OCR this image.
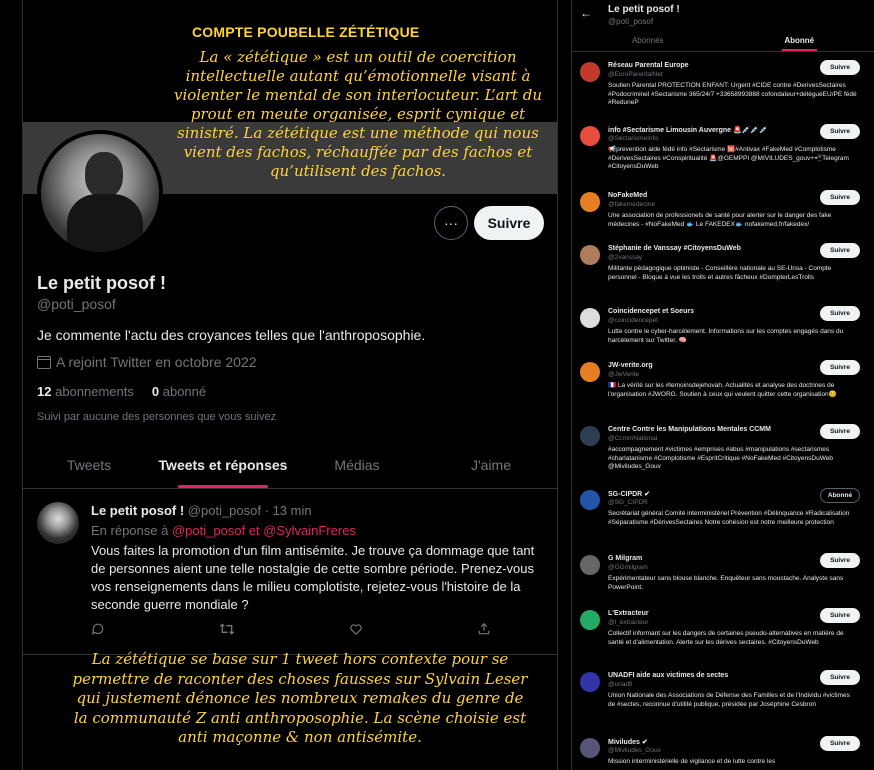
COMPTE POUBELLE ZÉTÉTIQUE
La « zététique » est un outil de coercition intellectuelle autant qu’émotionnelle visant à violenter le mental de son interlocuteur. L’art du prout en meute organisée, esprit cynique et sinistré. La zététique est une méthode qui nous vient des fachos, réchauffée par des fachos et qu’utilisent des fachos.
···	Suivre
Le petit posof !
@poti_posof
Je commente l'actu des croyances telles que l'anthroposophie.
A rejoint Twitter en octobre 2022
12 abonnements 0 abonné
Suivi par aucune des personnes que vous suivez
Tweets	Tweets et réponses	Médias	J'aime
Le petit posof ! @poti_posof · 13 min
En réponse à @poti_posof et @SylvainFreres
Vous faites la promotion d'un film antisémite. Je trouve ça dommage que tant de personnes aient une telle nostalgie de cette sombre période. Prenez-vous vos renseignements dans le milieu complotiste, rejetez-vous l'histoire de la seconde guerre mondiale ?
La zététique se base sur 1 tweet hors contexte pour se permettre de raconter des choses fausses sur Sylvain Leser qui justement dénonce les nombreux remakes du genre de la communauté Z anti anthroposophie. La scène choisie est anti maçonne & non antisémite.
← Le petit posof !
@poti_posof
Abonnés	Abonné
Réseau Parental Europe
@EuroParentalNet
Soutien Parental PROTECTION ENFANT: Urgent #CIDE contre #DerivesSectaires #Podocriminel #Sectarisme 365/24/7 +33658993888 cofondateur+déléguéEU/PE fédé #ReduneP
Suivre
info #Sectarisme Limousin Auvergne 🚨💉💉💉
@SectarismeInfo
📢prevention aide fédé info #Sectarisme 🆘#Antivax #FakeMed #Complotisme #DerivesSectaires #Conspiritualité 🚨@GEMPPI @MIVILUDES_gouv+📲Telegram #CitoyensDuWeb
Suivre
NoFakeMed
@fakemedecine
Une association de professionels de santé pour alerter sur le danger des fake médecines - #NoFakeMed 🐟 Le FAKEDEX🐟 nofakemed.fr/fakedex/
Suivre
Stéphanie de Vanssay #CitoyensDuWeb
@2vanssay
Militante pédagogique optimiste - Conseillère nationale au SE-Unsa - Compte personnel - Bloque à vue les trolls et autres fâcheux #DompterLesTrolls
Suivre
Coincidencepet et Soeurs
@coincidencepet
Lutte contre le cyber-harcèlement. Informations sur les comptes engagés dans du harcèlement sur Twitter. 🧠
Suivre
JW-verite.org
@JwVerite
🇫🇷 La vérité sur les #temoinsdejehovah. Actualités et analyse des doctrines de l'organisation #JWORG. Soutien à ceux qui veulent quitter cette organisation😊
Suivre
Centre Contre les Manipulations Mentales CCMM
@CcmmNational
#accompagnement #victimes #emprises #abus #manipulations #sectarismes #charlatanisme #Complotisme #EspritCritique #NoFakeMed #CitoyensDuWeb @Miviludes_Gouv
Suivre
SG-CIPDR ✔
@SG_CIPDR
Secrétariat général Comité interministériel Prévention #Délinquance #Radicalisation #Séparatisme #DérivesSectaires Notre cohésion est notre meilleure protection
Abonné
G Milgram
@GGmilgram
Expérimentateur sans blouse blanche. Enquêteur sans moustache. Analyste sans PowerPoint.
Suivre
L'Extracteur
@l_extracteur
Collectif informant sur les dangers de certaines pseudo-alternatives en matière de santé et d'alimentation. Alerte sur les dérives sectaires. #CitoyensDuWeb
Suivre
UNADFI aide aux victimes de sectes
@unadfi
Union Nationale des Associations de Défense des Familles et de l'Individu #victimes de #sectes, reconnue d'utilité publique, présidée par Joséphine Cesbron
Suivre
Miviludes ✔
@Miviludes_Gouv
Mission interministérielle de vigilance et de lutte contre les
Suivre
